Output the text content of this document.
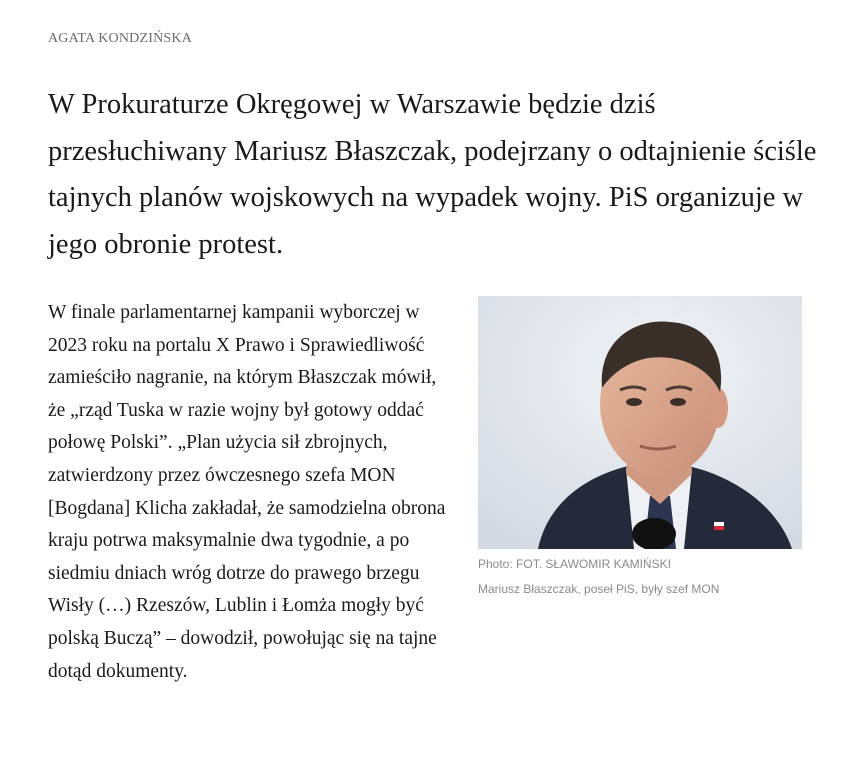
AGATA KONDZIŃSKA
W Prokuraturze Okręgowej w Warszawie będzie dziś przesłuchiwany Mariusz Błaszczak, podejrzany o odtajnienie ściśle tajnych planów wojskowych na wypadek wojny. PiS organizuje w jego obronie protest.
Photo: FOT. SŁAWOMIR KAMIŃSKI
Mariusz Błaszczak, poseł PiS, były szef MON
W finale parlamentarnej kampanii wyborczej w 2023 roku na portalu X Prawo i Sprawiedliwość zamieściło nagranie, na którym Błaszczak mówił, że „rząd Tuska w razie wojny był gotowy oddać połowę Polski”. „Plan użycia sił zbrojnych, zatwierdzony przez ówczesnego szefa MON [Bogdana] Klicha zakładał, że samodzielna obrona kraju potrwa maksymalnie dwa tygodnie, a po siedmiu dniach wróg dotrze do prawego brzegu Wisły (…) Rzeszów, Lublin i Łomża mogły być polską Buczą” – dowodził, powołując się na tajne dotąd dokumenty.
